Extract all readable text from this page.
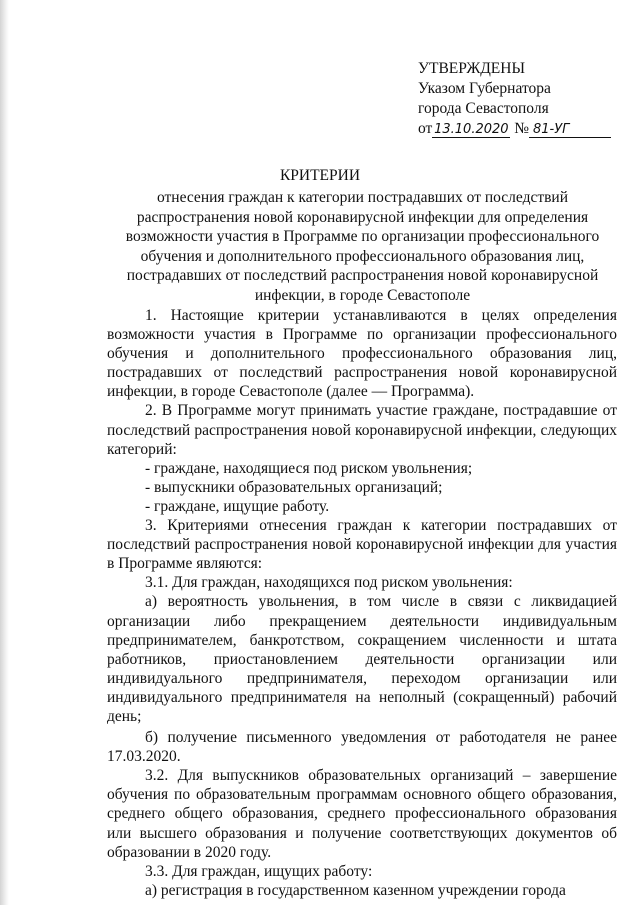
УТВЕРЖДЕНЫ
Указом Губернатора
города Севастополя
от 13.10.2020 № 81-УГ
КРИТЕРИИ
отнесения граждан к категории пострадавших от последствий распространения новой коронавирусной инфекции для определения возможности участия в Программе по организации профессионального обучения и дополнительного профессионального образования лиц, пострадавших от последствий распространения новой коронавирусной инфекции, в городе Севастополе

1. Настоящие критерии устанавливаются в целях определения возможности участия в Программе по организации профессионального обучения и дополнительного профессионального образования лиц, пострадавших от последствий распространения новой коронавирусной инфекции, в городе Севастополе (далее — Программа).

2. В Программе могут принимать участие граждане, пострадавшие от последствий распространения новой коронавирусной инфекции, следующих категорий:

- граждане, находящиеся под риском увольнения;

- выпускники образовательных организаций;

- граждане, ищущие работу.

3. Критериями отнесения граждан к категории пострадавших от последствий распространения новой коронавирусной инфекции для участия в Программе являются:

3.1. Для граждан, находящихся под риском увольнения:

а) вероятность увольнения, в том числе в связи с ликвидацией организации либо прекращением деятельности индивидуальным предпринимателем, банкротством, сокращением численности и штата работников, приостановлением деятельности организации или индивидуального предпринимателя, переходом организации или индивидуального предпринимателя на неполный (сокращенный) рабочий день;

б) получение письменного уведомления от работодателя не ранее 17.03.2020.

3.2. Для выпускников образовательных организаций – завершение обучения по образовательным программам основного общего образования, среднего общего образования, среднего профессионального образования или высшего образования и получение соответствующих документов об образовании в 2020 году.

3.3. Для граждан, ищущих работу:

а) регистрация в государственном казенном учреждении города
